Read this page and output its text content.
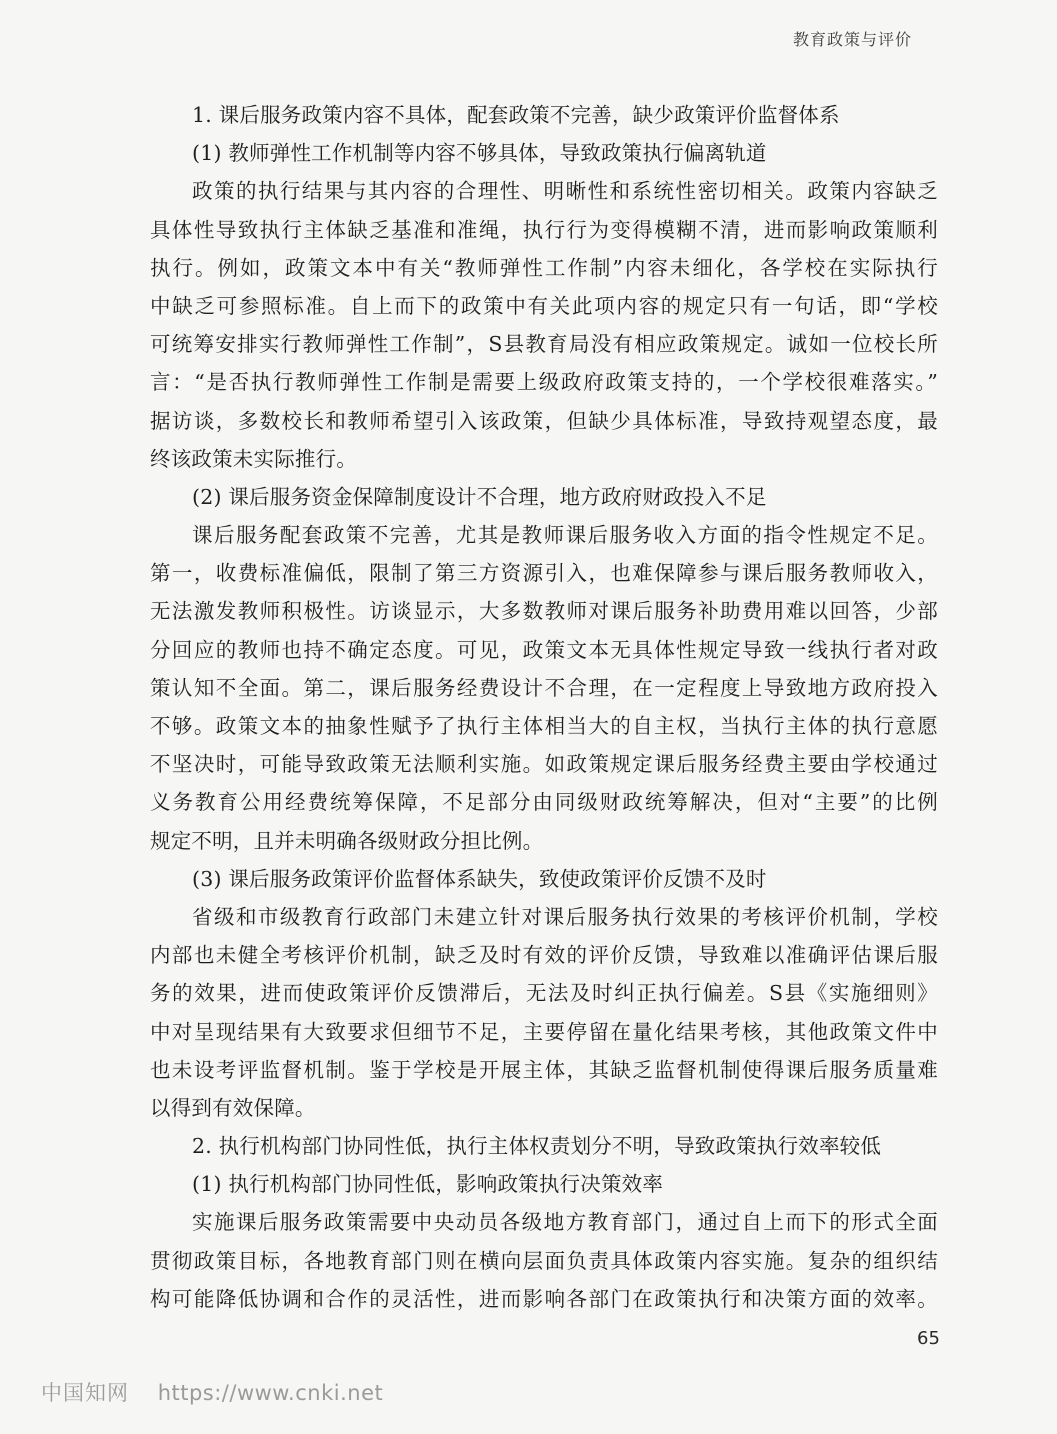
教育政策与评价
1. 课后服务政策内容不具体，配套政策不完善，缺少政策评价监督体系
(1) 教师弹性工作机制等内容不够具体，导致政策执行偏离轨道
政策的执行结果与其内容的合理性、明晰性和系统性密切相关。政策内容缺乏
具体性导致执行主体缺乏基准和准绳，执行行为变得模糊不清，进而影响政策顺利
执行。例如，政策文本中有关“教师弹性工作制”内容未细化，各学校在实际执行
中缺乏可参照标准。自上而下的政策中有关此项内容的规定只有一句话，即“学校
可统筹安排实行教师弹性工作制”，S县教育局没有相应政策规定。诚如一位校长所
言：“是否执行教师弹性工作制是需要上级政府政策支持的，一个学校很难落实。”
据访谈，多数校长和教师希望引入该政策，但缺少具体标准，导致持观望态度，最
终该政策未实际推行。
(2) 课后服务资金保障制度设计不合理，地方政府财政投入不足
课后服务配套政策不完善，尤其是教师课后服务收入方面的指令性规定不足。
第一，收费标准偏低，限制了第三方资源引入，也难保障参与课后服务教师收入，
无法激发教师积极性。访谈显示，大多数教师对课后服务补助费用难以回答，少部
分回应的教师也持不确定态度。可见，政策文本无具体性规定导致一线执行者对政
策认知不全面。第二，课后服务经费设计不合理，在一定程度上导致地方政府投入
不够。政策文本的抽象性赋予了执行主体相当大的自主权，当执行主体的执行意愿
不坚决时，可能导致政策无法顺利实施。如政策规定课后服务经费主要由学校通过
义务教育公用经费统筹保障，不足部分由同级财政统筹解决，但对“主要”的比例
规定不明，且并未明确各级财政分担比例。
(3) 课后服务政策评价监督体系缺失，致使政策评价反馈不及时
省级和市级教育行政部门未建立针对课后服务执行效果的考核评价机制，学校
内部也未健全考核评价机制，缺乏及时有效的评价反馈，导致难以准确评估课后服
务的效果，进而使政策评价反馈滞后，无法及时纠正执行偏差。S县《实施细则》
中对呈现结果有大致要求但细节不足，主要停留在量化结果考核，其他政策文件中
也未设考评监督机制。鉴于学校是开展主体，其缺乏监督机制使得课后服务质量难
以得到有效保障。
2. 执行机构部门协同性低，执行主体权责划分不明，导致政策执行效率较低
(1) 执行机构部门协同性低，影响政策执行决策效率
实施课后服务政策需要中央动员各级地方教育部门，通过自上而下的形式全面
贯彻政策目标，各地教育部门则在横向层面负责具体政策内容实施。复杂的组织结
构可能降低协调和合作的灵活性，进而影响各部门在政策执行和决策方面的效率。
65
中国知网 https://www.cnki.net
